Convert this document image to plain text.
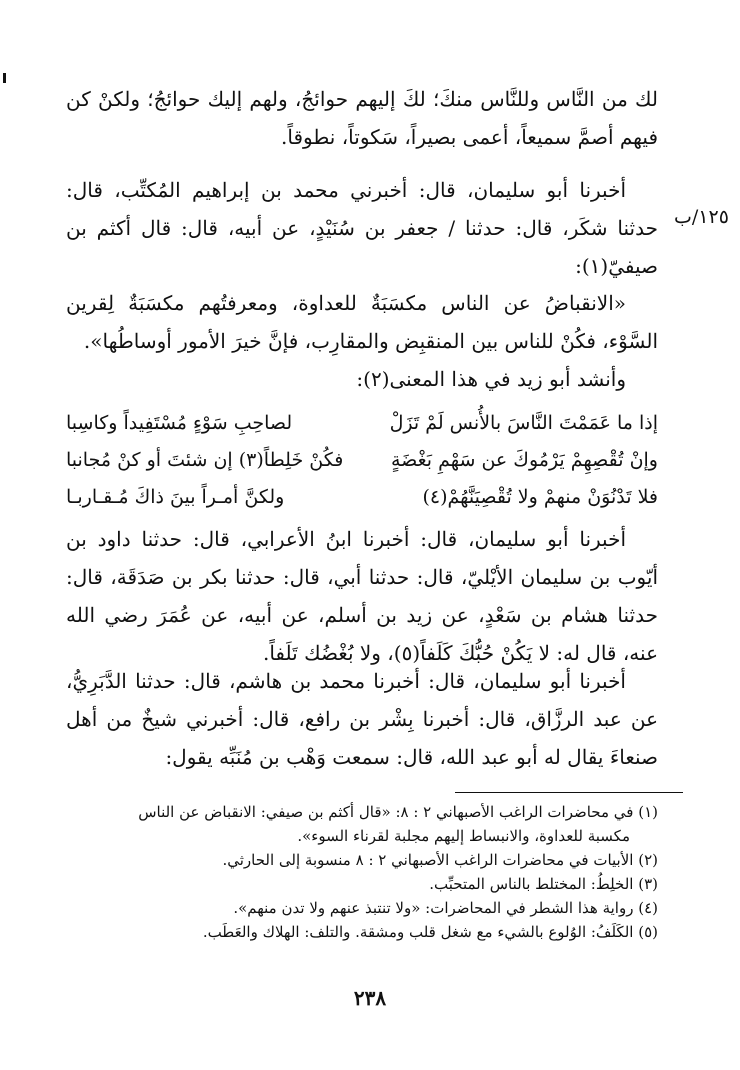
لك من النَّاس وللنَّاس منكَ؛ لكَ إليهم حوائجُ، ولهم إليك حوائجُ؛ ولكنْ كن فيهم أصمَّ سميعاً، أعمى بصيراً، سَكوتاً، نطوقاً.

أخبرنا أبو سليمان، قال: أخبرني محمد بن إبراهيم المُكتِّب، قال: حدثنا شكَر، قال: حدثنا / جعفر بن سُنَيْدٍ، عن أبيه، قال: قال أكثم بن صيفيّ(١):

١٢٥/ب

«الانقباضُ عن الناس مكسَبَةٌ للعداوة، ومعرفتُهم مكسَبَةٌ لِقرين السَّوْء، فكُنْ للناس بين المنقبِض والمقارِب، فإنَّ خيرَ الأمور أوساطُها».

وأنشد أبو زيد في هذا المعنى(٢):

إذا ما عَمَمْتَ النَّاسَ بالأُنس لَمْ تَزَلْ
لصاحِبِ سَوْءٍ مُسْتَفِيداً وكاسِبا
وإنْ تُقْصِهِمْ يَرْمُوكَ عن سَهْمِ بَغْضَةٍ
فكُنْ خَلِطاً(٣) إن شئتَ أو كنْ مُجانبا
فلا تَدْنُوَنْ منهمْ ولا تُقْصِيَنَّهُمْ(٤)
ولكنَّ أمـراً بينَ ذاكَ مُـقـاربـا

أخبرنا أبو سليمان، قال: أخبرنا ابنُ الأعرابي، قال: حدثنا داود بن أيّوب بن سليمان الأيْليّ، قال: حدثنا أبي، قال: حدثنا بكر بن صَدَقَة، قال: حدثنا هشام بن سَعْدٍ، عن زيد بن أسلم، عن أبيه، عن عُمَرَ رضي الله عنه، قال له: لا يَكُنْ حُبُّكَ كَلَفاً(٥)، ولا بُغْضُك تَلَفاً.

أخبرنا أبو سليمان، قال: أخبرنا محمد بن هاشم، قال: حدثنا الدَّبَرِيُّ، عن عبد الرزَّاق، قال: أخبرنا بِشْر بن رافع، قال: أخبرني شيخٌ من أهل صنعاءَ يقال له أبو عبد الله، قال: سمعت وَهْب بن مُنَبِّه يقول:

(١) في محاضرات الراغب الأصبهاني ٢ : ٨: «قال أكثم بن صيفي: الانقباض عن الناس

مكسبة للعداوة، والانبساط إليهم مجلبة لقرناء السوء».

(٢) الأبيات في محاضرات الراغب الأصبهاني ٢ : ٨ منسوبة إلى الحارثي.

(٣) الخلِطُ: المختلط بالناس المتحبِّب.

(٤) رواية هذا الشطر في المحاضرات: «ولا تنتبذ عنهم ولا تدن منهم».

(٥) الكَلَفُ: الوُلوع بالشيء مع شغل قلب ومشقة. والتلف: الهلاك والعَطَب.

٢٣٨
